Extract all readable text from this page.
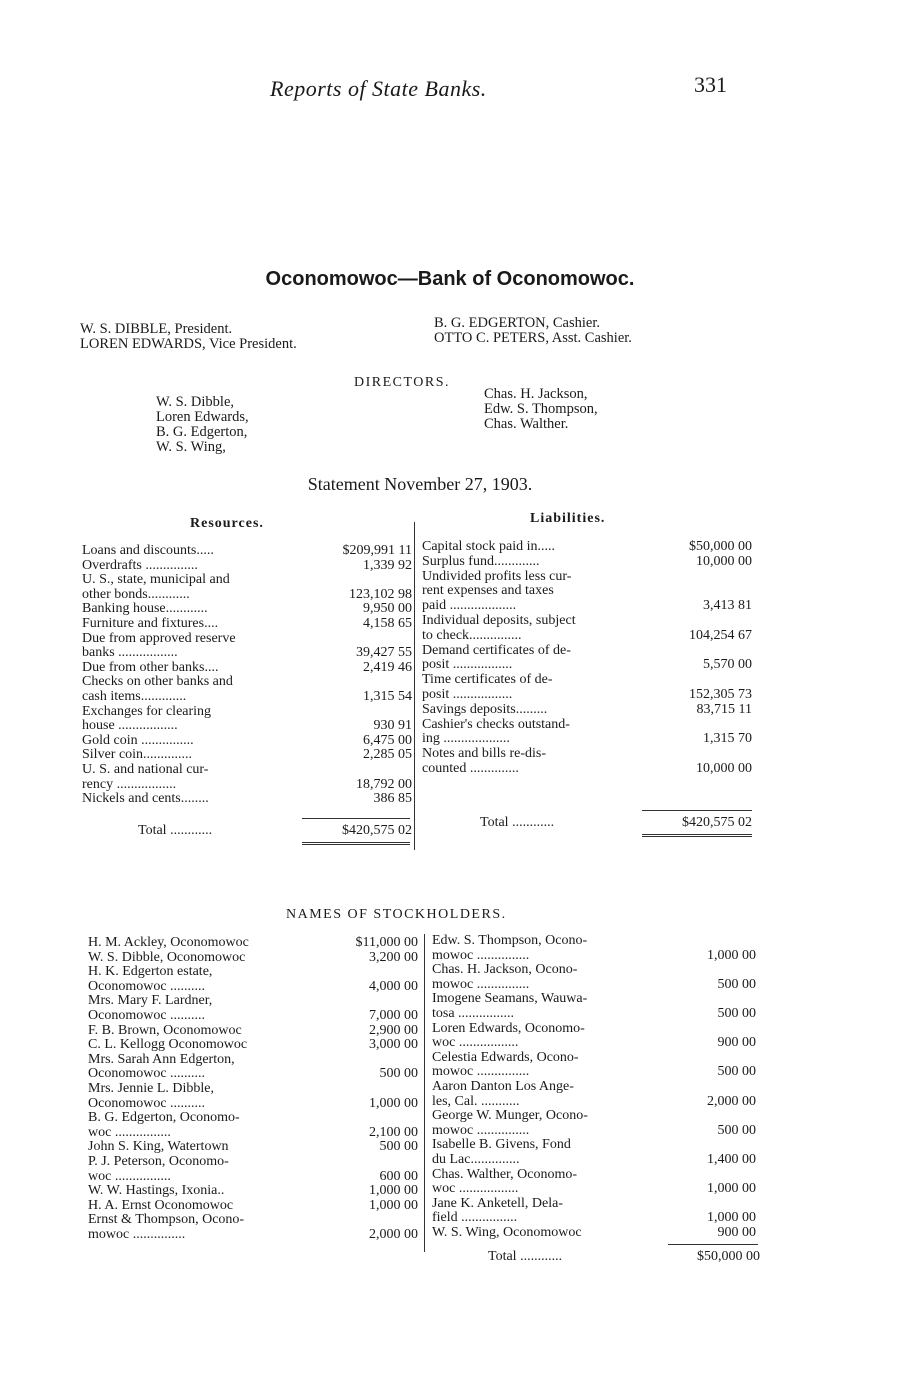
Reports of State Banks.	331
Oconomowoc—Bank of Oconomowoc.
W. S. DIBBLE, President.
LOREN EDWARDS, Vice President.
B. G. EDGERTON, Cashier.
OTTO C. PETERS, Asst. Cashier.
DIRECTORS.
W. S. Dibble,
Loren Edwards,
B. G. Edgerton,
W. S. Wing,
Chas. H. Jackson,
Edw. S. Thompson,
Chas. Walther.
Statement November 27, 1903.
Resources.	Liabilities.
Loans and discounts.....	$209,991 11
Overdrafts ...............	1,339 92
U. S., state, municipal and
other bonds............	123,102 98
Banking house............	9,950 00
Furniture and fixtures....	4,158 65
Due from approved reserve
banks .................	39,427 55
Due from other banks....	2,419 46
Checks on other banks and
cash items.............	1,315 54
Exchanges for clearing
house .................	930 91
Gold coin ...............	6,475 00
Silver coin..............	2,285 05
U. S. and national cur-
rency .................	18,792 00
Nickels and cents........	386 85
Capital stock paid in.....	$50,000 00
Surplus fund.............	10,000 00
Undivided profits less cur-
rent expenses and taxes
paid ...................	3,413 81
Individual deposits, subject
to check...............	104,254 67
Demand certificates of de-
posit .................	5,570 00
Time certificates of de-
posit .................	152,305 73
Savings deposits.........	83,715 11
Cashier's checks outstand-
ing ...................	1,315 70
Notes and bills re-dis-
counted ..............	10,000 00
Total ............	$420,575 02
Total ............	$420,575 02
NAMES OF STOCKHOLDERS.
H. M. Ackley, Oconomowoc	$11,000 00
W. S. Dibble, Oconomowoc	3,200 00
H. K. Edgerton estate,
Oconomowoc ..........	4,000 00
Mrs. Mary F. Lardner,
Oconomowoc ..........	7,000 00
F. B. Brown, Oconomowoc	2,900 00
C. L. Kellogg Oconomowoc	3,000 00
Mrs. Sarah Ann Edgerton,
Oconomowoc ..........	500 00
Mrs. Jennie L. Dibble,
Oconomowoc ..........	1,000 00
B. G. Edgerton, Oconomo-
woc ................	2,100 00
John S. King, Watertown	500 00
P. J. Peterson, Oconomo-
woc ................	600 00
W. W. Hastings, Ixonia..	1,000 00
H. A. Ernst Oconomowoc	1,000 00
Ernst & Thompson, Ocono-
mowoc ...............	2,000 00
Edw. S. Thompson, Ocono-
mowoc ...............	1,000 00
Chas. H. Jackson, Ocono-
mowoc ...............	500 00
Imogene Seamans, Wauwa-
tosa ................	500 00
Loren Edwards, Oconomo-
woc .................	900 00
Celestia Edwards, Ocono-
mowoc ...............	500 00
Aaron Danton Los Ange-
les, Cal. ...........	2,000 00
George W. Munger, Ocono-
mowoc ...............	500 00
Isabelle B. Givens, Fond
du Lac..............	1,400 00
Chas. Walther, Oconomo-
woc .................	1,000 00
Jane K. Anketell, Dela-
field ................	1,000 00
W. S. Wing, Oconomowoc	900 00
Total ............	$50,000 00
